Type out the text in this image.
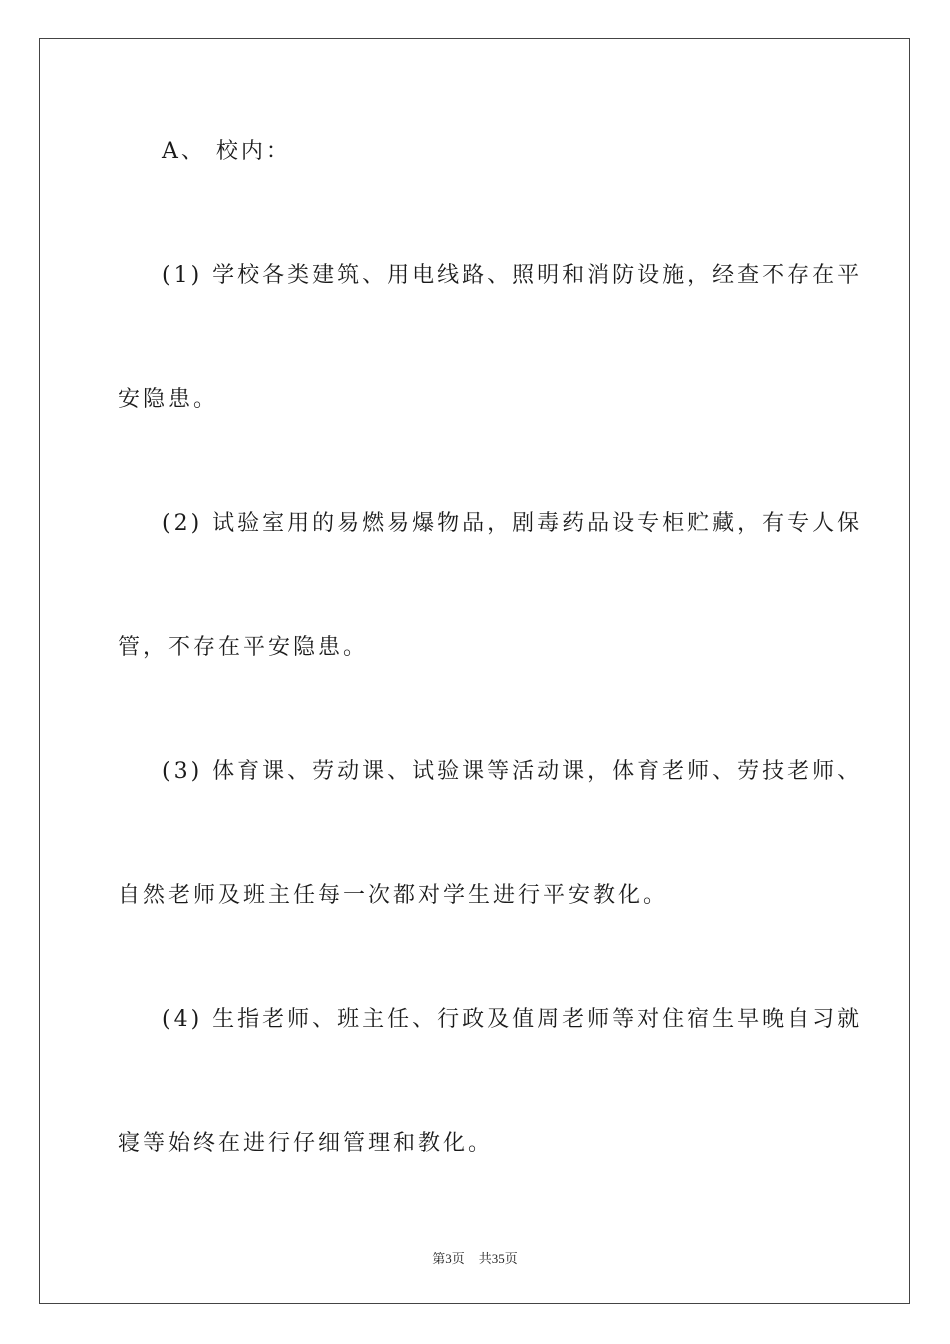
A、 校内：
(1) 学校各类建筑、用电线路、照明和消防设施，经查不存在平
安隐患。
(2) 试验室用的易燃易爆物品，剧毒药品设专柜贮藏，有专人保
管，不存在平安隐患。
(3) 体育课、劳动课、试验课等活动课，体育老师、劳技老师、
自然老师及班主任每一次都对学生进行平安教化。
(4) 生指老师、班主任、行政及值周老师等对住宿生早晚自习就
寝等始终在进行仔细管理和教化。
第3页 共35页
